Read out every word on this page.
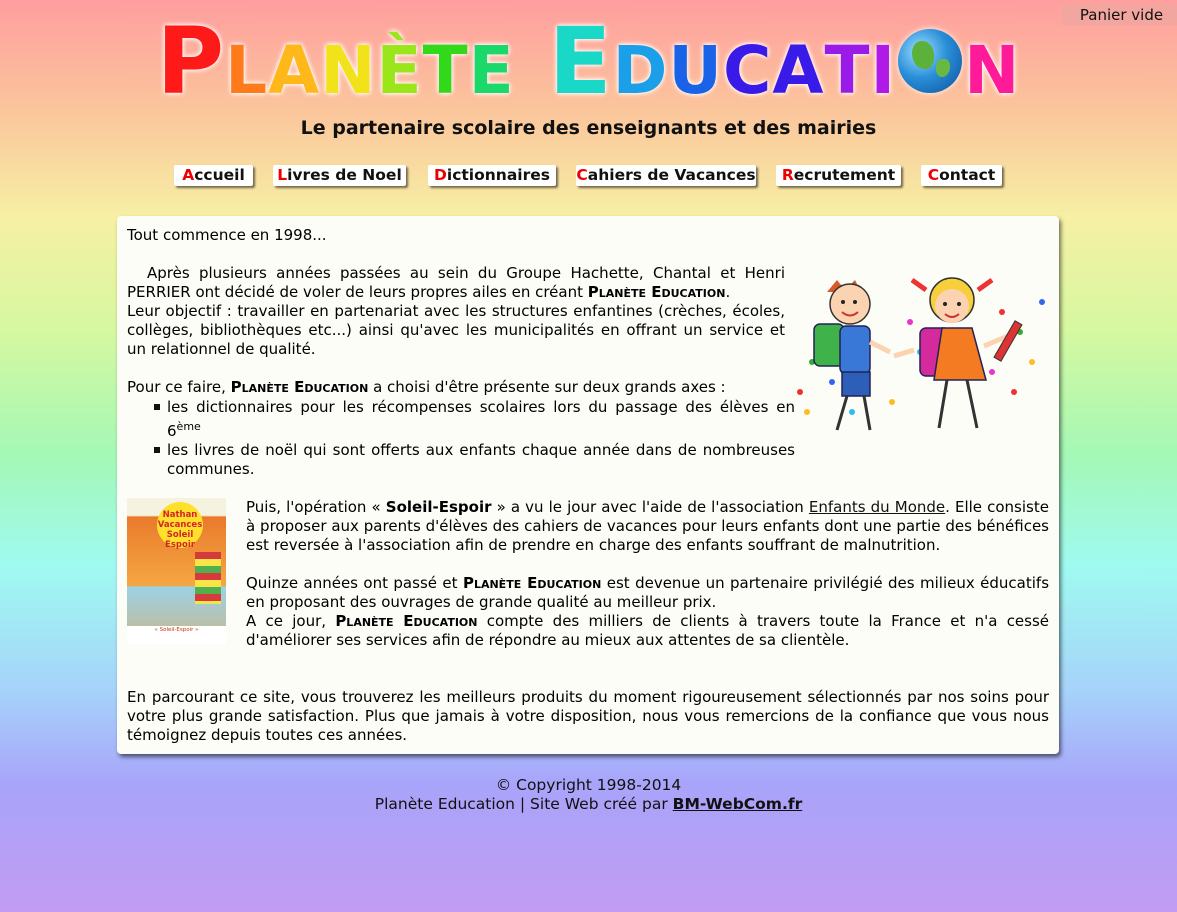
Panier vide
PLANÈTE EDUCATI N
Le partenaire scolaire des enseignants et des mairies
Accueil	Livres de Noel	Dictionnaires	Cahiers de Vacances	Recrutement	Contact

Tout commence en 1998...

Après plusieurs années passées au sein du Groupe Hachette, Chantal et Henri PERRIER ont décidé de voler de leurs propres ailes en créant Planète Education.
Leur objectif : travailler en partenariat avec les structures enfantines (crèches, écoles, collèges, bibliothèques etc...) ainsi qu'avec les municipalités en offrant un service et un relationnel de qualité.

Pour ce faire, Planète Education a choisi d'être présente sur deux grands axes :

les dictionnaires pour les récompenses scolaires lors du passage des élèves en 6ème
les livres de noël qui sont offerts aux enfants chaque année dans de nombreuses communes.
Nathan
Vacances
Soleil Espoir
« Soleil-Espoir »

Puis, l'opération « Soleil-Espoir » a vu le jour avec l'aide de l'association Enfants du Monde. Elle consiste à proposer aux parents d'élèves des cahiers de vacances pour leurs enfants dont une partie des bénéfices est reversée à l'association afin de prendre en charge des enfants souffrant de malnutrition.

Quinze années ont passé et Planète Education est devenue un partenaire privilégié des milieux éducatifs en proposant des ouvrages de grande qualité au meilleur prix.
A ce jour, Planète Education compte des milliers de clients à travers toute la France et n'a cessé d'améliorer ses services afin de répondre au mieux aux attentes de sa clientèle.

En parcourant ce site, vous trouverez les meilleurs produits du moment rigoureusement sélectionnés par nos soins pour votre plus grande satisfaction. Plus que jamais à votre disposition, nous vous remercions de la confiance que vous nous témoignez depuis toutes ces années.

© Copyright 1998-2014
Planète Education | Site Web créé par BM-WebCom.fr
